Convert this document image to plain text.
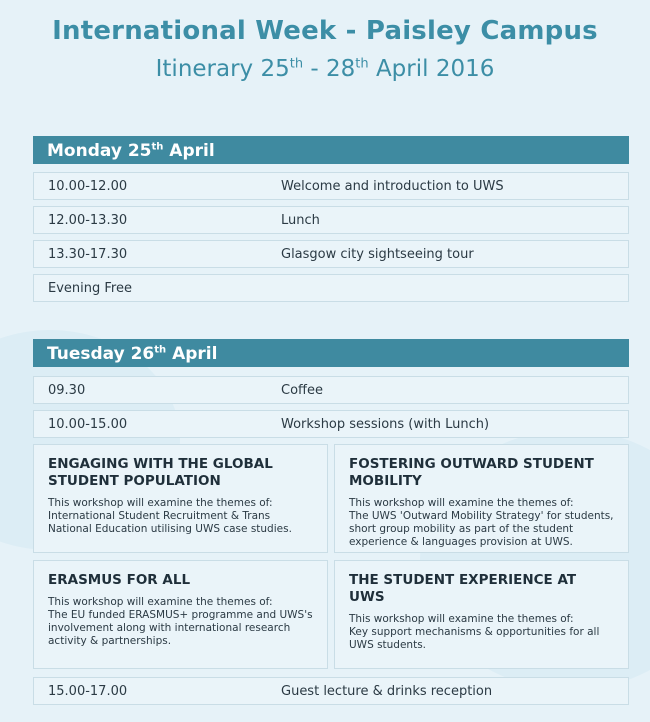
International Week - Paisley Campus
Itinerary 25th - 28th April 2016
Monday 25th April
10.00-12.00	Welcome and introduction to UWS
12.00-13.30	Lunch
13.30-17.30	Glasgow city sightseeing tour
Evening Free
Tuesday 26th April
09.30	Coffee
10.00-15.00	Workshop sessions (with Lunch)
ENGAGING WITH THE GLOBAL STUDENT POPULATION
This workshop will examine the themes of:
International Student Recruitment & Trans National Education utilising UWS case studies.
FOSTERING OUTWARD STUDENT MOBILITY
This workshop will examine the themes of:
The UWS 'Outward Mobility Strategy' for students, short group mobility as part of the student experience & languages provision at UWS.
ERASMUS FOR ALL
This workshop will examine the themes of:
The EU funded ERASMUS+ programme and UWS's involvement along with international research activity & partnerships.
THE STUDENT EXPERIENCE AT UWS
This workshop will examine the themes of:
Key support mechanisms & opportunities for all UWS students.
15.00-17.00	Guest lecture & drinks reception
